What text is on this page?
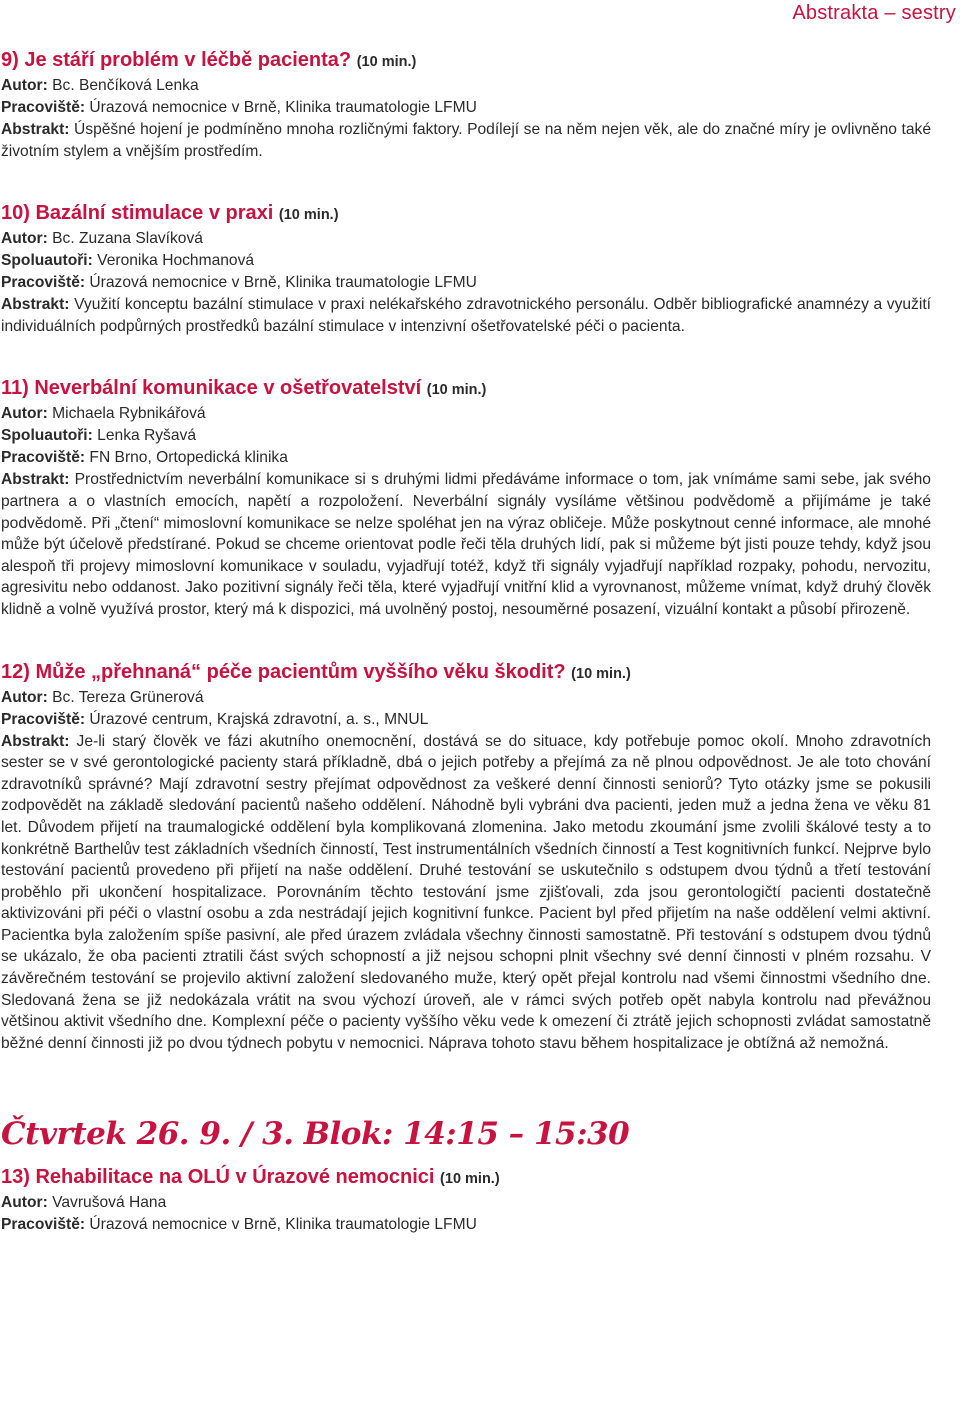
Abstrakta – sestry
9) Je stáří problém v léčbě pacienta? (10 min.)

Autor: Bc. Benčíková Lenka

Pracoviště: Úrazová nemocnice v Brně, Klinika traumatologie LFMU

Abstrakt: Úspěšné hojení je podmíněno mnoha rozličnými faktory. Podílejí se na něm nejen věk, ale do značné míry je ovlivněno také životním stylem a vnějším prostředím.

10) Bazální stimulace v praxi (10 min.)

Autor: Bc. Zuzana Slavíková

Spoluautoři: Veronika Hochmanová

Pracoviště: Úrazová nemocnice v Brně, Klinika traumatologie LFMU

Abstrakt: Využití konceptu bazální stimulace v praxi nelékařského zdravotnického personálu. Odběr bibliografické anamnézy a využití individuálních podpůrných prostředků bazální stimulace v intenzivní ošetřovatelské péči o pacienta.

11) Neverbální komunikace v ošetřovatelství (10 min.)

Autor: Michaela Rybnikářová

Spoluautoři: Lenka Ryšavá

Pracoviště: FN Brno, Ortopedická klinika

Abstrakt: Prostřednictvím neverbální komunikace si s druhými lidmi předáváme informace o tom, jak vnímáme sami sebe, jak svého partnera a o vlastních emocích, napětí a rozpoložení. Neverbální signály vysíláme většinou podvědomě a přijímáme je také podvědomě. Při „čtení“ mimoslovní komunikace se nelze spoléhat jen na výraz obličeje. Může poskytnout cenné informace, ale mnohé může být účelově předstírané. Pokud se chceme orientovat podle řeči těla druhých lidí, pak si můžeme být jisti pouze tehdy, když jsou alespoň tři projevy mimoslovní komunikace v souladu, vyjadřují totéž, když tři signály vyjadřují například rozpaky, pohodu, nervozitu, agresivitu nebo oddanost. Jako pozitivní signály řeči těla, které vyjadřují vnitřní klid a vyrovnanost, můžeme vnímat, když druhý člověk klidně a volně využívá prostor, který má k dispozici, má uvolněný postoj, nesouměrné posazení, vizuální kontakt a působí přirozeně.

12) Může „přehnaná“ péče pacientům vyššího věku škodit? (10 min.)

Autor: Bc. Tereza Grünerová

Pracoviště: Úrazové centrum, Krajská zdravotní, a. s., MNUL

Abstrakt: Je-li starý člověk ve fázi akutního onemocnění, dostává se do situace, kdy potřebuje pomoc okolí. Mnoho zdravotních sester se v své gerontologické pacienty stará příkladně, dbá o jejich potřeby a přejímá za ně plnou odpovědnost. Je ale toto chování zdravotníků správné? Mají zdravotní sestry přejímat odpovědnost za veškeré denní činnosti seniorů? Tyto otázky jsme se pokusili zodpovědět na základě sledování pacientů našeho oddělení. Náhodně byli vybráni dva pacienti, jeden muž a jedna žena ve věku 81 let. Důvodem přijetí na traumalogické oddělení byla komplikovaná zlomenina. Jako metodu zkoumání jsme zvolili škálové testy a to konkrétně Barthelův test základních všedních činností, Test instrumentálních všedních činností a Test kognitivních funkcí. Nejprve bylo testování pacientů provedeno při přijetí na naše oddělení. Druhé testování se uskutečnilo s odstupem dvou týdnů a třetí testování proběhlo při ukončení hospitalizace. Porovnáním těchto testování jsme zjišťovali, zda jsou gerontologičtí pacienti dostatečně aktivizováni při péči o vlastní osobu a zda nestrádají jejich kognitivní funkce. Pacient byl před přijetím na naše oddělení velmi aktivní. Pacientka byla založením spíše pasivní, ale před úrazem zvládala všechny činnosti samostatně. Při testování s odstupem dvou týdnů se ukázalo, že oba pacienti ztratili část svých schopností a již nejsou schopni plnit všechny své denní činnosti v plném rozsahu. V závěrečném testování se projevilo aktivní založení sledovaného muže, který opět přejal kontrolu nad všemi činnostmi všedního dne. Sledovaná žena se již nedokázala vrátit na svou výchozí úroveň, ale v rámci svých potřeb opět nabyla kontrolu nad převážnou většinou aktivit všedního dne. Komplexní péče o pacienty vyššího věku vede k omezení či ztrátě jejich schopnosti zvládat samostatně běžné denní činnosti již po dvou týdnech pobytu v nemocnici. Náprava tohoto stavu během hospitalizace je obtížná až nemožná.

Čtvrtek 26. 9. / 3. Blok: 14:15 – 15:30
13) Rehabilitace na OLÚ v Úrazové nemocnici (10 min.)

Autor: Vavrušová Hana

Pracoviště: Úrazová nemocnice v Brně, Klinika traumatologie LFMU
